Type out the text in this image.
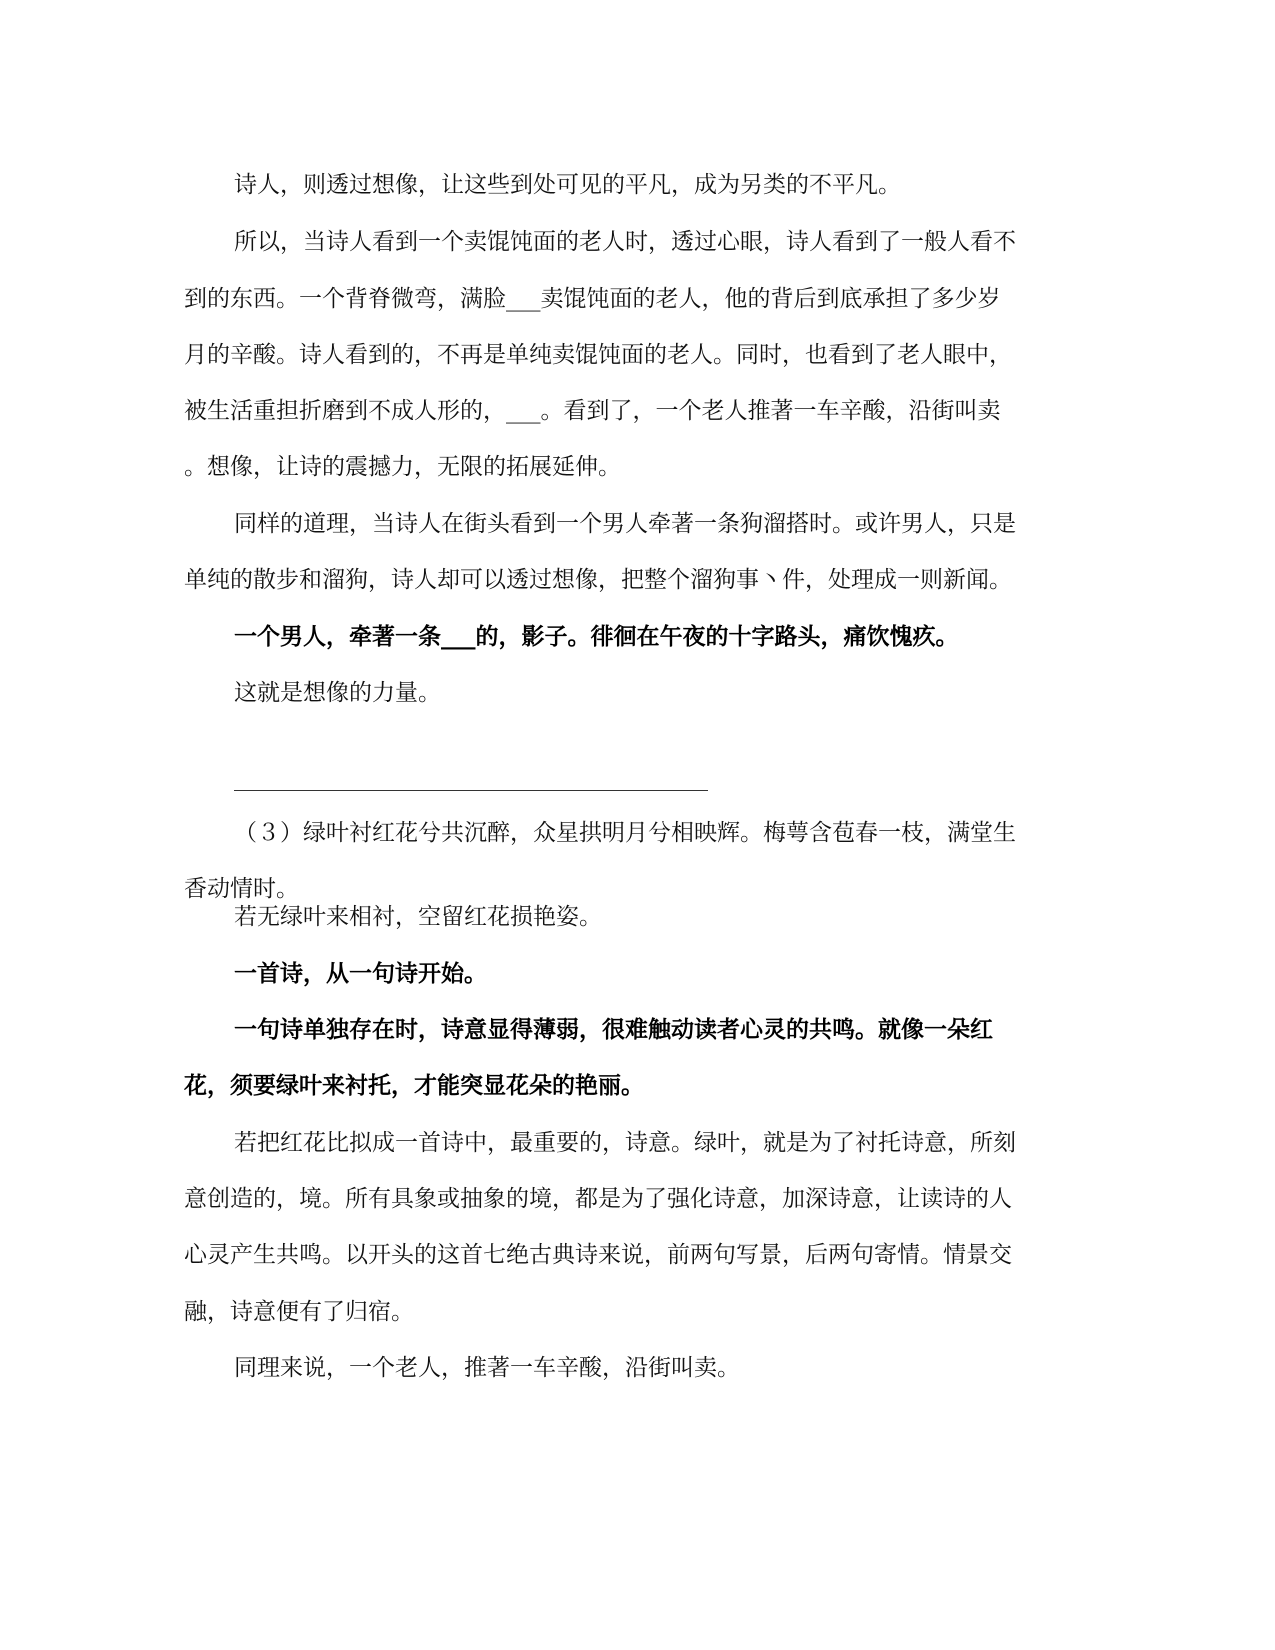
诗人，则透过想像，让这些到处可见的平凡，成为另类的不平凡。
所以，当诗人看到一个卖馄饨面的老人时，透过心眼，诗人看到了一般人看不
到的东西。一个背脊微弯，满脸___卖馄饨面的老人，他的背后到底承担了多少岁
月的辛酸。诗人看到的，不再是单纯卖馄饨面的老人。同时，也看到了老人眼中，
被生活重担折磨到不成人形的，___。看到了，一个老人推著一车辛酸，沿街叫卖
。想像，让诗的震撼力，无限的拓展延伸。
同样的道理，当诗人在街头看到一个男人牵著一条狗溜搭时。或许男人，只是
单纯的散步和溜狗，诗人却可以透过想像，把整个溜狗事丶件，处理成一则新闻。
一个男人，牵著一条___的，影子。徘徊在午夜的十字路头，痛饮愧疚。
这就是想像的力量。
（３）绿叶衬红花兮共沉醉，众星拱明月兮相映辉。梅萼含苞春一枝，满堂生
香动情时。
若无绿叶来相衬，空留红花损艳姿。
一首诗，从一句诗开始。
一句诗单独存在时，诗意显得薄弱，很难触动读者心灵的共鸣。就像一朵红
花，须要绿叶来衬托，才能突显花朵的艳丽。
若把红花比拟成一首诗中，最重要的，诗意。绿叶，就是为了衬托诗意，所刻
意创造的，境。所有具象或抽象的境，都是为了强化诗意，加深诗意，让读诗的人
心灵产生共鸣。以开头的这首七绝古典诗来说，前两句写景，后两句寄情。情景交
融，诗意便有了归宿。
同理来说，一个老人，推著一车辛酸，沿街叫卖。
